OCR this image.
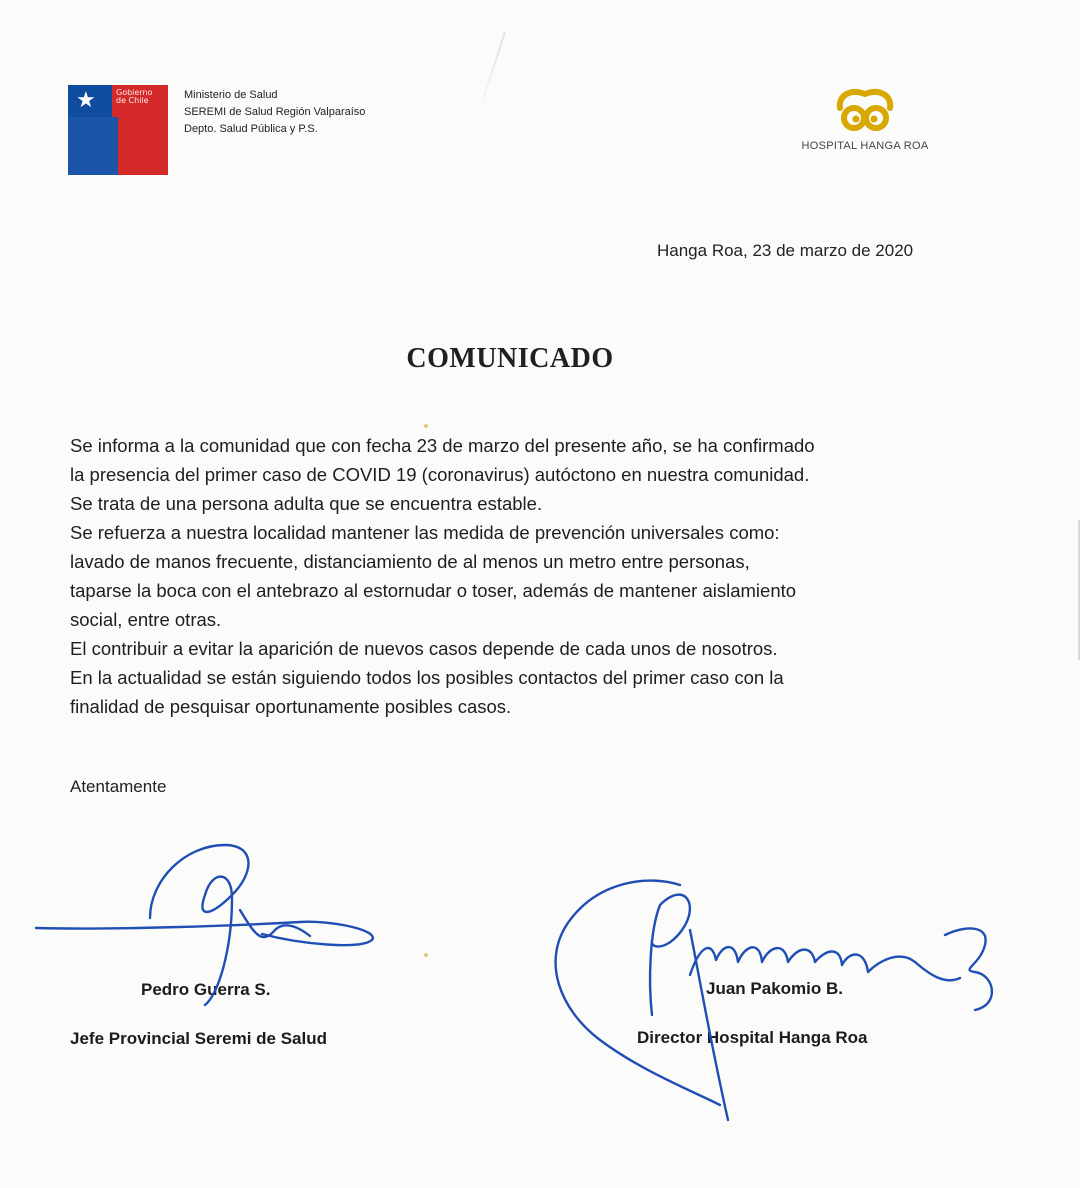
★	Gobierno
de Chile	Ministerio de Salud
SEREMI de Salud Región Valparaíso
Depto. Salud Pública y P.S.
HOSPITAL HANGA ROA
Hanga Roa, 23 de marzo de 2020
COMUNICADO
Se informa a la comunidad que con fecha 23 de marzo del presente año, se ha confirmado
la presencia del primer caso de COVID 19 (coronavirus) autóctono en nuestra comunidad.
Se trata de una persona adulta que se encuentra estable.
Se refuerza a nuestra localidad mantener las medida de prevención universales como:
lavado de manos frecuente, distanciamiento de al menos un metro entre personas,
taparse la boca con el antebrazo al estornudar o toser, además de mantener aislamiento
social, entre otras.
El contribuir a evitar la aparición de nuevos casos depende de cada unos de nosotros.
En la actualidad se están siguiendo todos los posibles contactos del primer caso con la
finalidad de pesquisar oportunamente posibles casos.
Atentamente
Pedro Guerra S.
Jefe Provincial Seremi de Salud
Juan Pakomio B.
Director Hospital Hanga Roa
